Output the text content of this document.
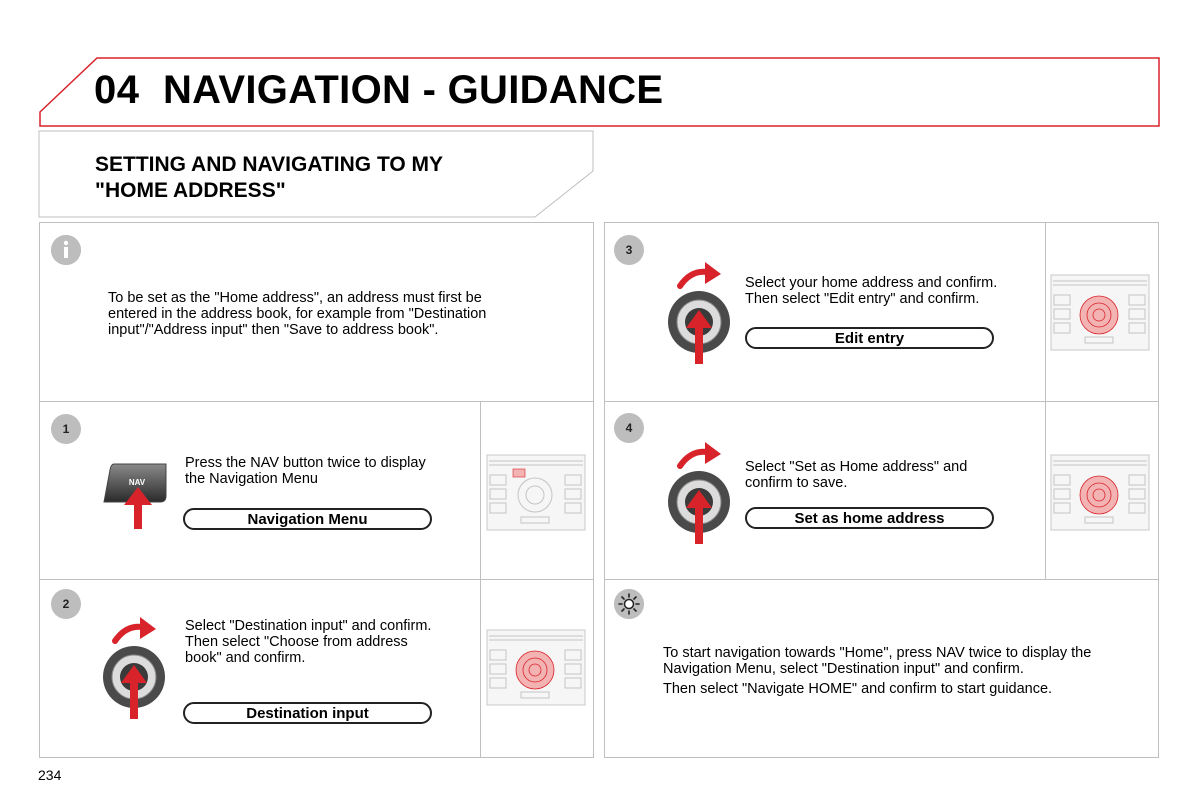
04 NAVIGATION - GUIDANCE
SETTING AND NAVIGATING TO MY
"HOME ADDRESS"
To be set as the "Home address", an address must first be
entered in the address book, for example from "Destination
input"/"Address input" then "Save to address book".
1
Press the NAV button twice to display
the Navigation Menu
Navigation Menu
2
Select "Destination input" and confirm.
Then select "Choose from address
book" and confirm.
Destination input
3
Select your home address and confirm.
Then select "Edit entry" and confirm.
Edit entry
4
Select "Set as Home address" and
confirm to save.
Set as home address
To start navigation towards "Home", press NAV twice to display the
Navigation Menu, select "Destination input" and confirm.
Then select "Navigate HOME" and confirm to start guidance.
NAV
234
